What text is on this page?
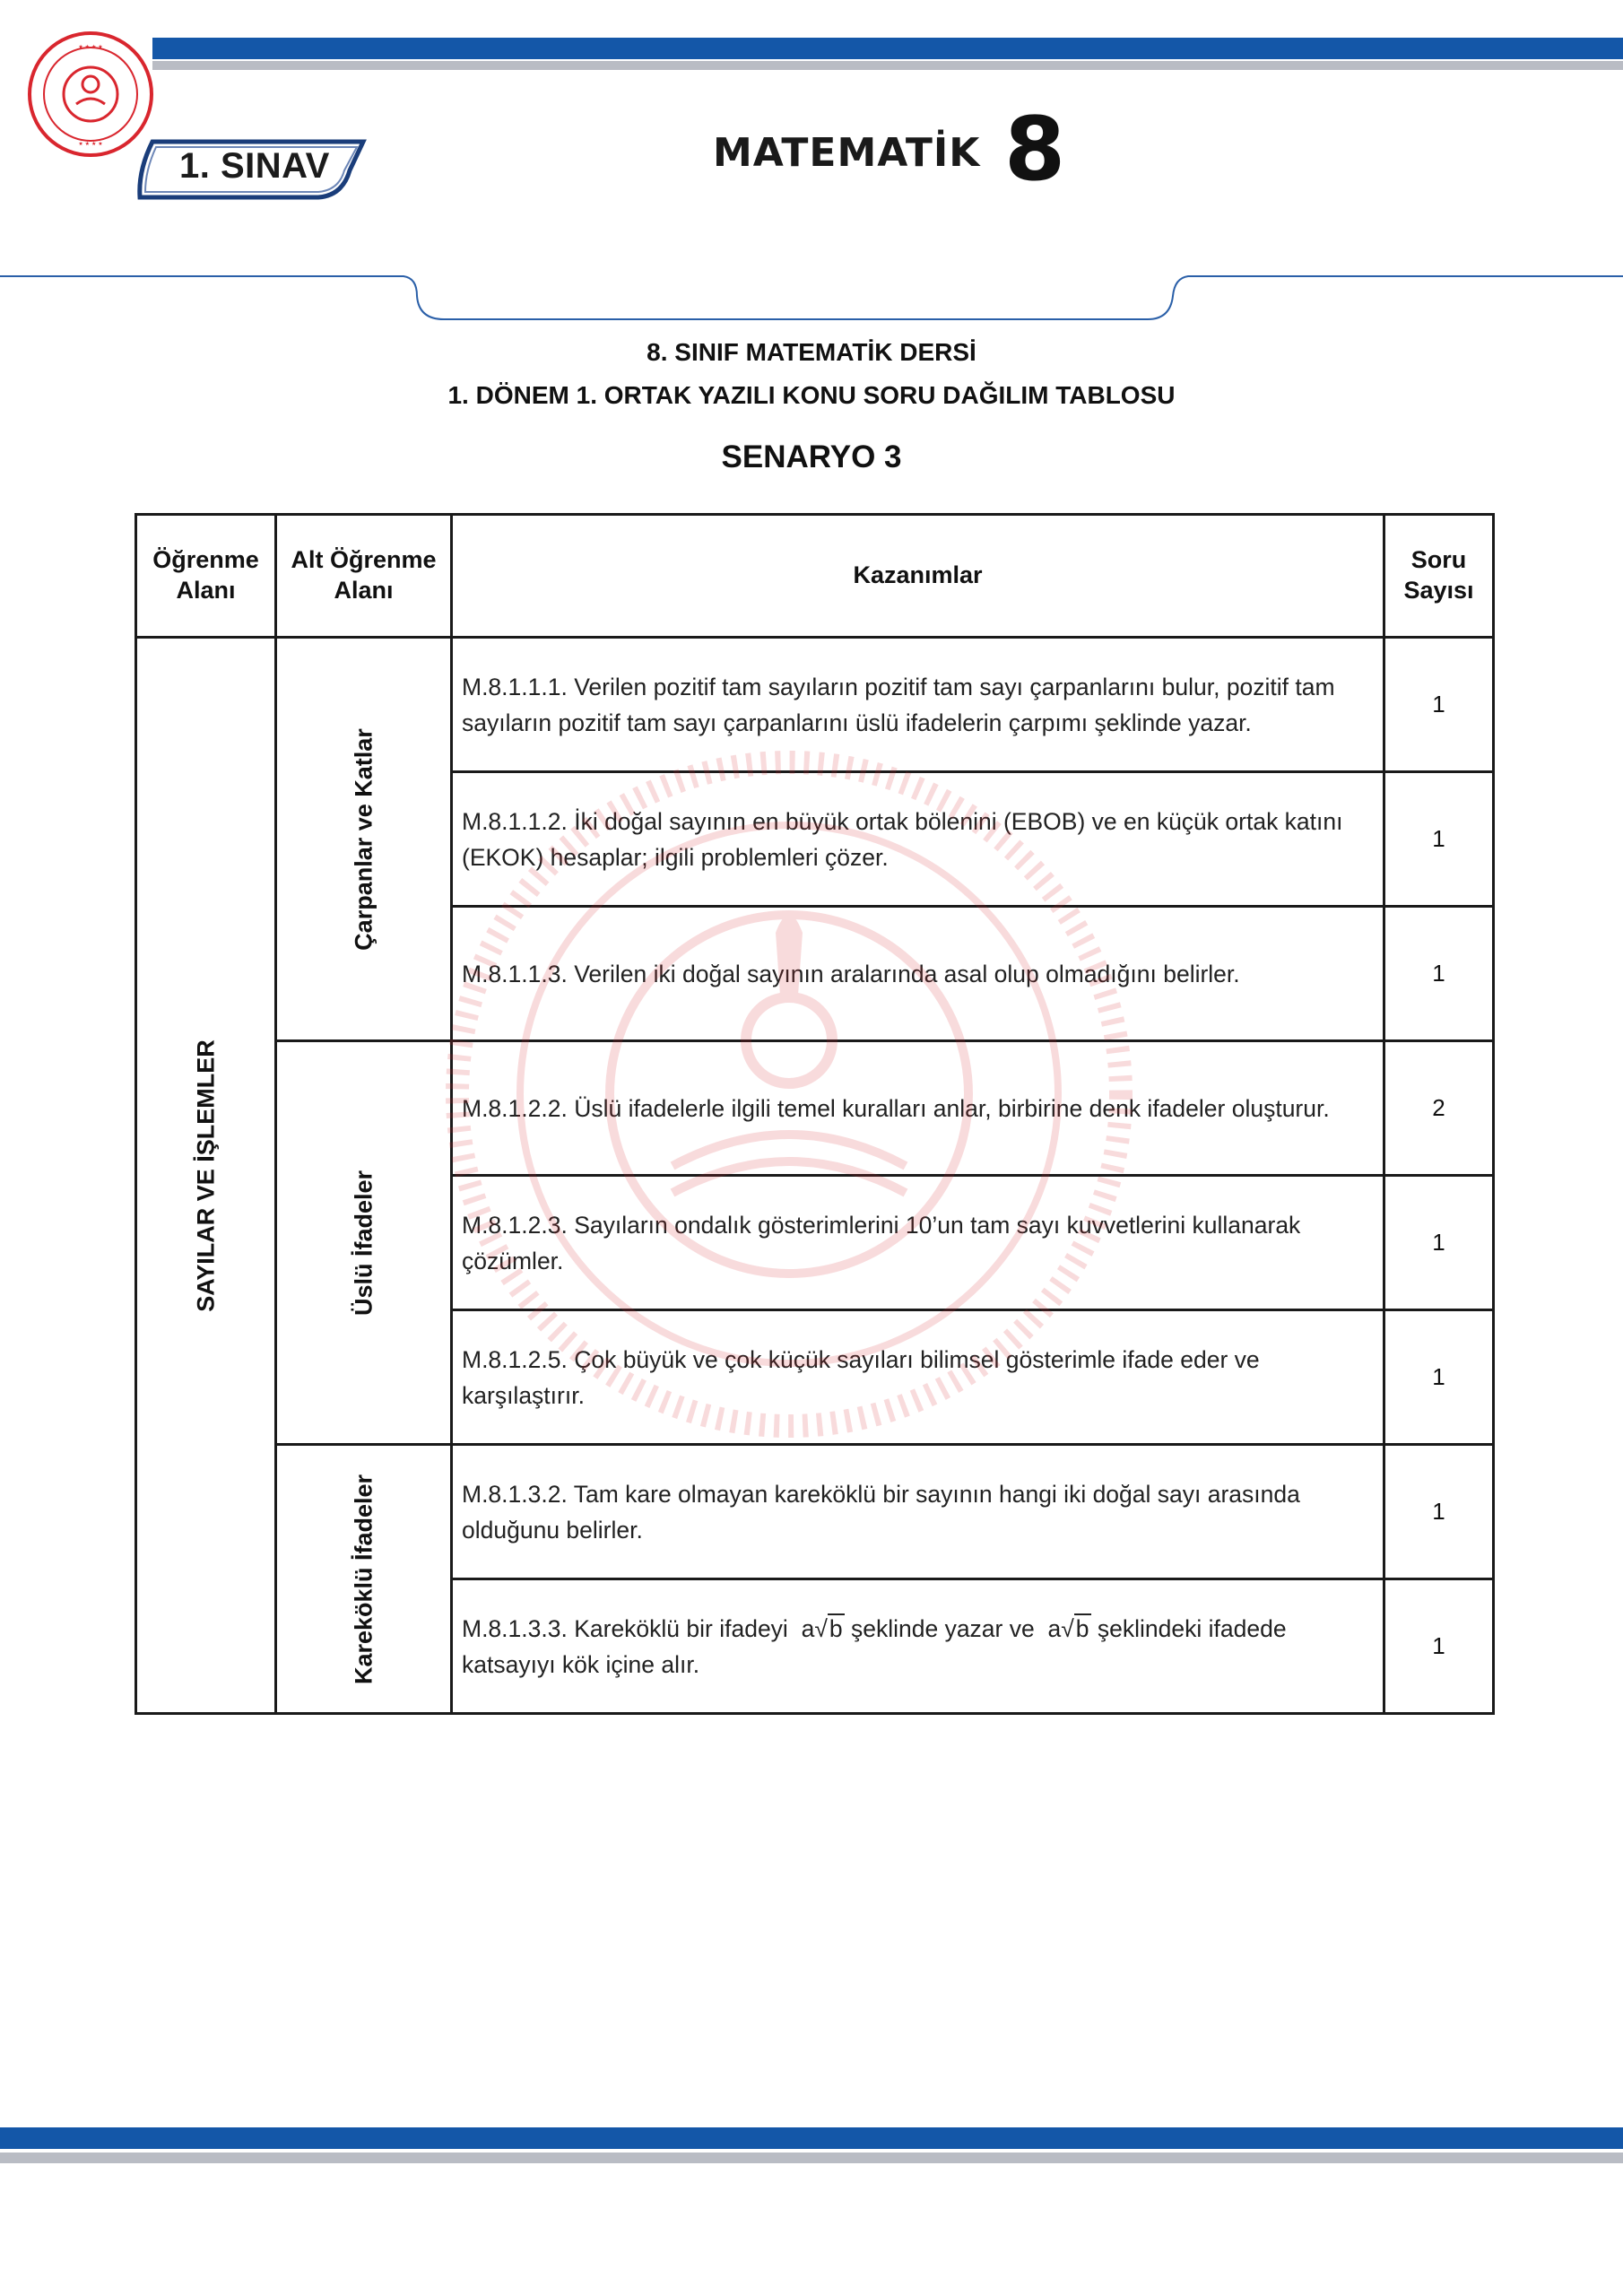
★ ★ ★ ★
★ ★ ★ ★
1. SINAV	MATEMATİK 8
8. SINIF MATEMATİK DERSİ
1. DÖNEM 1. ORTAK YAZILI KONU SORU DAĞILIM TABLOSU
SENARYO 3
Öğrenme Alanı	Alt Öğrenme Alanı	Kazanımlar	Soru Sayısı

SAYILAR VE İŞLEMLER	Çarpanlar ve Katlar	M.8.1.1.1. Verilen pozitif tam sayıların pozitif tam sayı çarpanlarını bulur, pozitif tam sayıların pozitif tam sayı çarpanlarını üslü ifadelerin çarpımı şeklinde yazar.	1
		M.8.1.1.2. İki doğal sayının en büyük ortak bölenini (EBOB) ve en küçük ortak katını (EKOK) hesaplar; ilgili problemleri çözer.	1
		M.8.1.1.3. Verilen iki doğal sayının aralarında asal olup olmadığını belirler.	1

	Üslü İfadeler	M.8.1.2.2. Üslü ifadelerle ilgili temel kuralları anlar, birbirine denk ifadeler oluşturur.	2
		M.8.1.2.3. Sayıların ondalık gösterimlerini 10’un tam sayı kuvvetlerini kullanarak çözümler.	1
		M.8.1.2.5. Çok büyük ve çok küçük sayıları bilimsel gösterimle ifade eder ve karşılaştırır.	1

	Kareköklü İfadeler	M.8.1.3.2. Tam kare olmayan kareköklü bir sayının hangi iki doğal sayı arasında olduğunu belirler.	1
		M.8.1.3.3. Kareköklü bir ifadeyi a√b şeklinde yazar ve a√b şeklindeki ifadede katsayıyı kök içine alır.	1
